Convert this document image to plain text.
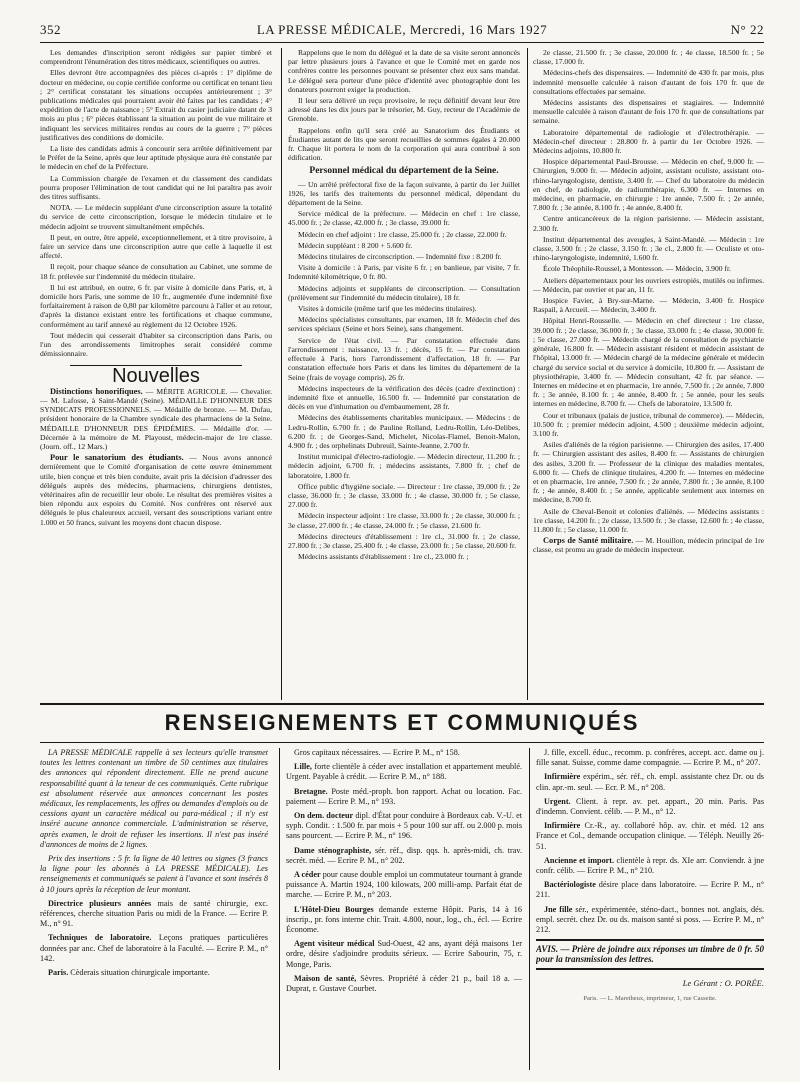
352	LA PRESSE MÉDICALE, Mercredi, 16 Mars 1927	N° 22

Les demandes d'inscription seront rédigées sur papier timbré et comprendront l'énumération des titres médicaux, scientifiques ou autres.

Elles devront être accompagnées des pièces ci-après : 1° diplôme de docteur en médecine, ou copie certifiée conforme ou certificat en tenant lieu ; 2° certificat constatant les situations occupées antérieurement ; 3° publications médicales qui pourraient avoir été faites par les candidats ; 4° expédition de l'acte de naissance ; 5° Extrait du casier judiciaire datant de 3 mois au plus ; 6° pièces établissant la situation au point de vue militaire et indiquant les services militaires rendus au cours de la guerre ; 7° pièces justificatives des conditions de domicile.

La liste des candidats admis à concourir sera arrêtée définitivement par le Préfet de la Seine, après que leur aptitude physique aura été constatée par le médecin en chef de la Préfecture.

La Commission chargée de l'examen et du classement des candidats pourra proposer l'élimination de tout candidat qui ne lui paraîtra pas avoir des titres suffisants.

NOTA. — Le médecin suppléant d'une circonscription assure la totalité du service de cette circonscription, lorsque le médecin titulaire et le médecin adjoint se trouvent simultanément empêchés.

Il peut, en outre, être appelé, exceptionnellement, et à titre provisoire, à faire un service dans une circonscription autre que celle à laquelle il est affecté.

Il reçoit, pour chaque séance de consultation au Cabinet, une somme de 18 fr. prélevée sur l'indemnité du médecin titulaire.

Il lui est attribué, en outre, 6 fr. par visite à domicile dans Paris, et, à domicile hors Paris, une somme de 10 fr., augmentée d'une indemnité fixe forfaitairement à raison de 0,80 par kilomètre parcouru à l'aller et au retour, d'après la distance existant entre les fortifications et chaque commune, conformément au tarif annexé au règlement du 12 Octobre 1926.

Tout médecin qui cesserait d'habiter sa circonscription dans Paris, ou l'un des arrondissements limitrophes serait considéré comme démissionnaire.

Nouvelles

Distinctions honorifiques. — MÉRITE AGRICOLE. — Chevalier. — M. Lafosse, à Saint-Mandé (Seine). MÉDAILLE D'HONNEUR DES SYNDICATS PROFESSIONNELS. — Médaille de bronze. — M. Dufau, président honoraire de la Chambre syndicale des pharmaciens de la Seine. MÉDAILLE D'HONNEUR DES ÉPIDÉMIES. — Médaille d'or. — Décernée à la mémoire de M. Playoust, médecin-major de 1re classe. (Journ. off., 12 Mars.)

Pour le sanatorium des étudiants. — Nous avons annoncé dernièrement que le Comité d'organisation de cette œuvre éminemment utile, bien conçue et très bien conduite, avait pris la décision d'adresser des délégués auprès des médecins, pharmaciens, chirurgiens dentistes, vétérinaires afin de recueillir leur obole. Le résultat des premières visites a bien répondu aux espoirs du Comité. Nos confrères ont réservé aux délégués le plus chaleureux accueil, versant des souscriptions variant entre 1.000 et 50 francs, suivant les moyens dont chacun dispose.

Rappelons que le nom du délégué et la date de sa visite seront annoncés par lettre plusieurs jours à l'avance et que le Comité met en garde nos confrères contre les personnes pouvant se présenter chez eux sans mandat. Le délégué sera porteur d'une pièce d'identité avec photographie dont les donateurs pourront exiger la production.

Il leur sera délivré un reçu provisoire, le reçu définitif devant leur être adressé dans les dix jours par le trésorier, M. Guy, recteur de l'Académie de Grenoble.

Rappelons enfin qu'il sera créé au Sanatorium des Étudiants et Étudiantes autant de lits que seront recueillies de sommes égales à 20.000 fr. Chaque lit portera le nom de la corporation qui aura contribué à son édification.

Personnel médical du département de la Seine.

— Un arrêté préfectoral fixe de la façon suivante, à partir du 1er Juillet 1926, les tarifs des traitements du personnel médical, dépendant du département de la Seine.

Service médical de la préfecture. — Médecin en chef : 1re classe, 45.000 fr. ; 2e classe, 42.000 fr. ; 3e classe, 39.000 fr.

Médecin en chef adjoint : 1re classe, 25.000 fr. ; 2e classe, 22.000 fr.

Médecin suppléant : 8 200 + 5.600 fr.

Médecins titulaires de circonscription. — Indemnité fixe : 8.200 fr.

Visite à domicile : à Paris, par visite 6 fr. ; en banlieue, par visite, 7 fr. Indemnité kilométrique, 0 fr. 80.

Médecins adjoints et suppléants de circonscription. — Consultation (prélèvement sur l'indemnité du médecin titulaire), 18 fr.

Visites à domicile (même tarif que les médecins titulaires).

Médecins spécialistes consultants, par examen, 18 fr. Médecin chef des services spéciaux (Seine et hors Seine), sans changement.

Service de l'état civil. — Par constatation effectuée dans l'arrondissement : naissance, 13 fr. ; décès, 15 fr. — Par constatation effectuée à Paris, hors l'arrondissement d'affectation, 18 fr. — Par constatation effectuée hors Paris et dans les limites du département de la Seine (frais de voyage compris), 26 fr.

Médecins inspecteurs de la vérification des décès (cadre d'extinction) : indemnité fixe et annuelle, 16.500 fr. — Indemnité par constatation de décès en vue d'inhumation ou d'embaumement, 28 fr.

Médecins des établissements charitables municipaux. — Médecins : de Ledru-Rollin, 6.700 fr. ; de Pauline Rolland, Ledru-Rollin, Léo-Delibes, 6.200 fr. ; de Georges-Sand, Michelet, Nicolas-Flamel, Benoit-Malon, 4.900 fr. ; des orphelinats Dubreuil, Sainte-Jeanne, 2.700 fr.

Institut municipal d'électro-radiologie. — Médecin directeur, 11.200 fr. ; médecin adjoint, 6.700 fr. ; médecins assistants, 7.800 fr. ; chef de laboratoire, 1.800 fr.

Office public d'hygiène sociale. — Directeur : 1re classe, 39.000 fr. ; 2e classe, 36.000 fr. ; 3e classe, 33.000 fr. ; 4e classe, 30.000 fr. ; 5e classe, 27.000 fr.

Médecin inspecteur adjoint : 1re classe, 33.000 fr. ; 2e classe, 30.000 fr. ; 3e classe, 27.000 fr. ; 4e classe, 24.000 fr. ; 5e classe, 21.600 fr.

Médecins directeurs d'établissement : 1re cl., 31.000 fr. ; 2e classe, 27.800 fr. ; 3e classe, 25.400 fr. ; 4e classe, 23.000 fr. ; 5e classe, 20.600 fr.

Médecins assistants d'établissement : 1re cl., 23.000 fr. ;

2e classe, 21.500 fr. ; 3e classe, 20.000 fr. ; 4e classe, 18.500 fr. ; 5e classe, 17.000 fr.

Médecins-chefs des dispensaires. — Indemnité de 430 fr. par mois, plus indemnité mensuelle calculée à raison d'autant de fois 170 fr. que de consultations effectuées par semaine.

Médecins assistants des dispensaires et stagiaires. — Indemnité mensuelle calculée à raison d'autant de fois 170 fr. que de consultations par semaine.

Laboratoire départemental de radiologie et d'électrothérapie. — Médecin-chef directeur : 28.800 fr. à partir du 1er Octobre 1926. — Médecins adjoints, 10.800 fr.

Hospice départemental Paul-Brousse. — Médecin en chef, 9.000 fr. — Chirurgien, 9.000 fr. — Médecin adjoint, assistant oculiste, assistant oto-rhino-laryngologiste, dentiste, 3.400 fr. — Chef du laboratoire du médecin en chef, de radiologie, de radiumthérapie, 6.300 fr. — Internes en médecine, en pharmacie, en chirurgie : 1re année, 7.500 fr. ; 2e année, 7.800 fr. ; 3e année, 8.100 fr. ; 4e année, 8.400 fr.

Centre anticancéreux de la région parisienne. — Médecin assistant, 2.300 fr.

Institut départemental des aveugles, à Saint-Mandé. — Médecin : 1re classe, 3.500 fr. ; 2e classe, 3.150 fr. ; 3e cl., 2.800 fr. — Oculiste et oto-rhino-laryngologiste, indemnité, 1.600 fr.

École Théophile-Roussel, à Montesson. — Médecin, 3.900 fr.

Ateliers départementaux pour les ouvriers estropiés, mutilés ou infirmes. — Médecin, par ouvrier et par an, 11 fr.

Hospice Favier, à Bry-sur-Marne. — Médecin, 3.400 fr. Hospice Raspail, à Arcueil. — Médecin, 3.400 fr.

Hôpital Henri-Rousselle. — Médecin en chef directeur : 1re classe, 39.000 fr. ; 2e classe, 36.000 fr. ; 3e classe, 33.000 fr. ; 4e classe, 30.000 fr. ; 5e classe, 27.000 fr. — Médecin chargé de la consultation de psychiatrie générale, 16.800 fr. — Médecin assistant résident et médecin assistant de l'hôpital, 13.000 fr. — Médecin chargé de la médecine générale et médecin chargé du service social et du service à domicile, 10.800 fr. — Assistant de physiothérapie, 3.400 fr. — Médecin consultant, 42 fr. par séance. — Internes en médecine et en pharmacie, 1re année, 7.500 fr. ; 2e année, 7.800 fr. ; 3e année, 8.100 fr. ; 4e année, 8.400 fr. ; 5e année, pour les seuls internes en médecine, 8.700 fr. — Chefs de laboratoire, 13.500 fr.

Cour et tribunaux (palais de justice, tribunal de commerce). — Médecin, 10.500 fr. ; premier médecin adjoint, 4.500 ; deuxième médecin adjoint, 3.100 fr.

Asiles d'aliénés de la région parisienne. — Chirurgien des asiles, 17.400 fr. — Chirurgien assistant des asiles, 8.400 fr. — Assistants de chirurgien des asiles, 3.200 fr. — Professeur de la clinique des maladies mentales, 6.000 fr. — Chefs de clinique titulaires, 4.200 fr. — Internes en médecine et en pharmacie, 1re année, 7.500 fr. ; 2e année, 7.800 fr. ; 3e année, 8.100 fr. ; 4e année, 8.400 fr. ; 5e année, applicable seulement aux internes en médecine, 8.700 fr.

Asile de Cheval-Benoit et colonies d'aliénés. — Médecins assistants : 1re classe, 14.200 fr. ; 2e classe, 13.500 fr. ; 3e classe, 12.600 fr. ; 4e classe, 11.800 fr. ; 5e classe, 11.000 fr.

Corps de Santé militaire. — M. Houillon, médecin principal de 1re classe, est promu au grade de médecin inspecteur.

RENSEIGNEMENTS ET COMMUNIQUÉS

LA PRESSE MÉDICALE rappelle à ses lecteurs qu'elle transmet toutes les lettres contenant un timbre de 50 centimes aux titulaires des annonces qui répondent directement. Elle ne prend aucune responsabilité quant à la teneur de ces communiqués. Cette rubrique est absolument réservée aux annonces concernant les postes médicaux, les remplacements, les offres ou demandes d'emplois ou de cessions ayant un caractère médical ou para-médical ; il n'y est inséré aucune annonce commerciale. L'administration se réserve, après examen, le droit de refuser les insertions. Il n'est pas inséré d'annonces de moins de 2 lignes.

Prix des insertions : 5 fr. la ligne de 40 lettres ou signes (3 francs la ligne pour les abonnés à LA PRESSE MÉDICALE). Les renseignements et communiqués se paient à l'avance et sont insérés 8 à 10 jours après la réception de leur montant.

Directrice plusieurs années mais de santé chirurgie, exc. références, cherche situation Paris ou midi de la France. — Ecrire P. M., n° 91.

Techniques de laboratoire. Leçons pratiques particulières données par anc. Chef de laboratoire à la Faculté. — Ecrire P. M., n° 142.

Paris. Cèderais situation chirurgicale importante.

Gros capitaux nécessaires. — Ecrire P. M., n° 158.

Lille, forte clientèle à céder avec installation et appartement meublé. Urgent. Payable à crédit. — Ecrire P. M., n° 188.

Bretagne. Poste méd.-proph. bon rapport. Achat ou location. Fac. paiement — Ecrire P. M., n° 193.

On dem. docteur dipl. d'État pour conduire à Bordeaux cab. V.-U. et syph. Condit. : 1.500 fr. par mois + 5 pour 100 sur aff. ou 2.000 p. mois sans pourcent. — Ecrire P. M., n° 196.

Dame sténographiste, sér. réf., disp. qqs. h. après-midi, ch. trav. secrét. méd. — Ecrire P. M., n° 202.

A céder pour cause double emploi un commutateur tournant à grande puissance A. Martin 1924, 100 kilowats, 200 milli-amp. Parfait état de marche. — Ecrire P. M., n° 203.

L'Hôtel-Dieu Bourges demande externe Hôpit. Paris, 14 à 16 inscrip., pr. fons interne chir. Trait. 4.800, nour., log., ch., écl. — Ecrire Économe.

Agent visiteur médical Sud-Ouest, 42 ans, ayant déjà maisons 1er ordre, désire s'adjoindre produits sérieux. — Ecrire Sabourin, 75, r. Monge, Paris.

Maison de santé, Sèvres. Propriété à céder 21 p., bail 18 a. — Duprat, r. Gustave Courbet.

J. fille, excell. éduc., recomm. p. confrères, accept. acc. dame ou j. fille sanat. Suisse, comme dame compagnie. — Ecrire P. M., n° 207.

Infirmière expérim., sér. réf., ch. empl. assistante chez Dr. ou ds clin. apr.-m. seul. — Ecr. P. M., n° 208.

Urgent. Client. à repr. av. pet. appart., 20 min. Paris. Pas d'indemn. Convient. célib. — P. M., n° 12.

Infirmière Cr.-R., ay. collaboré hôp. av. chir. et méd. 12 ans France et Col., demande occupation clinique. — Téléph. Neuilly 26-51.

Ancienne et import. clientèle à repr. ds. XIe arr. Conviendr. à jne confr. célib. — Ecrire P. M., n° 210.

Bactériologiste désire place dans laboratoire. — Ecrire P. M., n° 211.

Jne fille sér., expérimentée, sténo-dact., bonnes not. anglais, dés. empl. secrét. chez Dr. ou ds. maison santé si poss. — Ecrire P. M., n° 212.

AVIS. — Prière de joindre aux réponses un timbre de 0 fr. 50 pour la transmission des lettres.
Le Gérant : O. PORÉE.
Paris. — L. Maretheux, imprimeur, 1, rue Cassette.
